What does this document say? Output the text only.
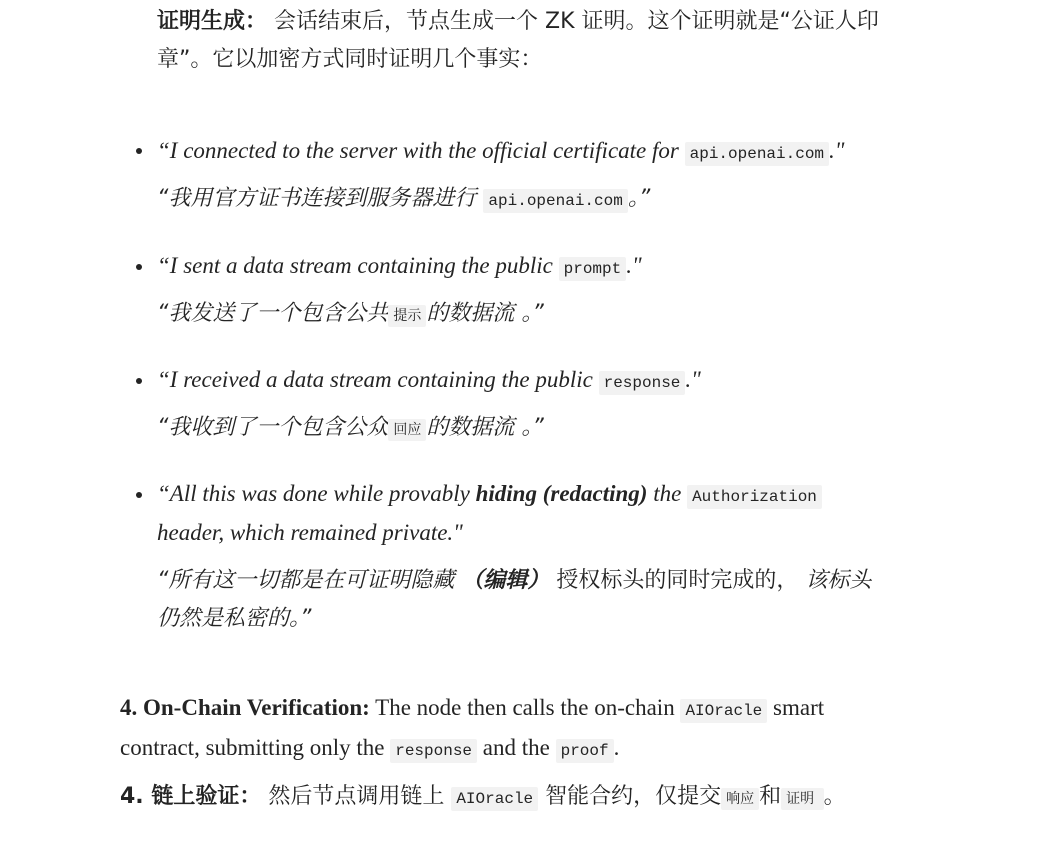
证明生成： 会话结束后，节点生成一个 ZK 证明。这个证明就是“公证人印
章”。它以加密方式同时证明几个事实：
“I connected to the server with the official certificate for api.openai.com ."
“我用官方证书连接到服务器进行 api.openai.com 。”
“I sent a data stream containing the public prompt ."
“我发送了一个包含公共 提示 的数据流 。”
“I received a data stream containing the public response ."
“我收到了一个包含公众 回应 的数据流 。”
“All this was done while provably hiding (redacting) the Authorization
header, which remained private."
“所有这一切都是在可证明隐藏 （编辑） 授权标头的同时完成的， 该标头
仍然是私密的。”
4. On-Chain Verification: The node then calls the on-chain AIOracle smart
contract, submitting only the response and the proof .
4. 链上验证： 然后节点调用链上 AIOracle 智能合约，仅提交 响应 和 证明 。
